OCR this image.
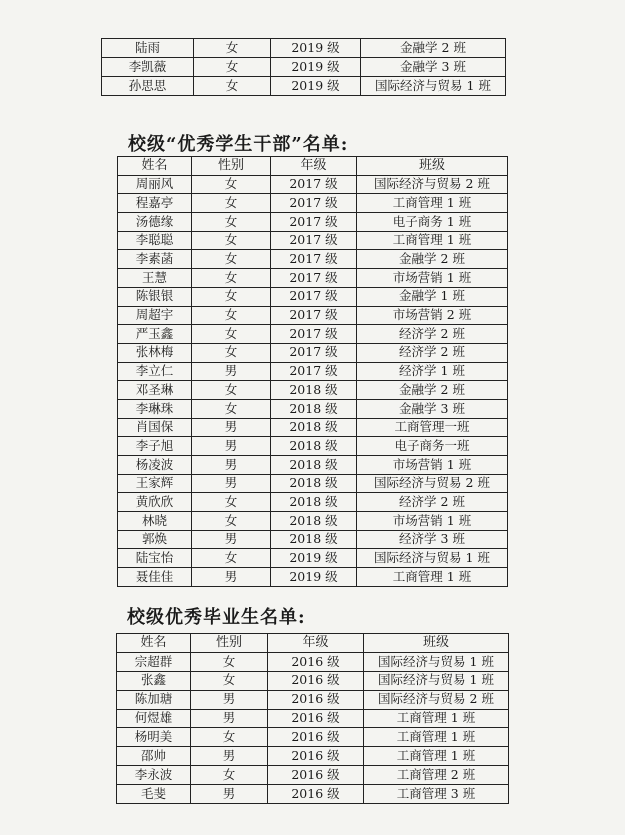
陆雨	女	2019 级	金融学 2 班
李凯薇	女	2019 级	金融学 3 班
孙思思	女	2019 级	国际经济与贸易 1 班
校级“优秀学生干部”名单:
姓名	性别	年级	班级
周丽风	女	2017 级	国际经济与贸易 2 班
程嘉亭	女	2017 级	工商管理 1 班
汤德缘	女	2017 级	电子商务 1 班
李聪聪	女	2017 级	工商管理 1 班
李素菡	女	2017 级	金融学 2 班
王慧	女	2017 级	市场营销 1 班
陈银银	女	2017 级	金融学 1 班
周超宇	女	2017 级	市场营销 2 班
严玉鑫	女	2017 级	经济学 2 班
张林梅	女	2017 级	经济学 2 班
李立仁	男	2017 级	经济学 1 班
邓圣琳	女	2018 级	金融学 2 班
李琳珠	女	2018 级	金融学 3 班
肖国保	男	2018 级	工商管理一班
李子旭	男	2018 级	电子商务一班
杨凌波	男	2018 级	市场营销 1 班
王家辉	男	2018 级	国际经济与贸易 2 班
黄欣欣	女	2018 级	经济学 2 班
林晓	女	2018 级	市场营销 1 班
郭焕	男	2018 级	经济学 3 班
陆宝怡	女	2019 级	国际经济与贸易 1 班
聂佳佳	男	2019 级	工商管理 1 班
校级优秀毕业生名单:
姓名	性别	年级	班级
宗超群	女	2016 级	国际经济与贸易 1 班
张鑫	女	2016 级	国际经济与贸易 1 班
陈加瑭	男	2016 级	国际经济与贸易 2 班
何煜雄	男	2016 级	工商管理 1 班
杨明美	女	2016 级	工商管理 1 班
邵帅	男	2016 级	工商管理 1 班
李永波	女	2016 级	工商管理 2 班
毛斐	男	2016 级	工商管理 3 班
